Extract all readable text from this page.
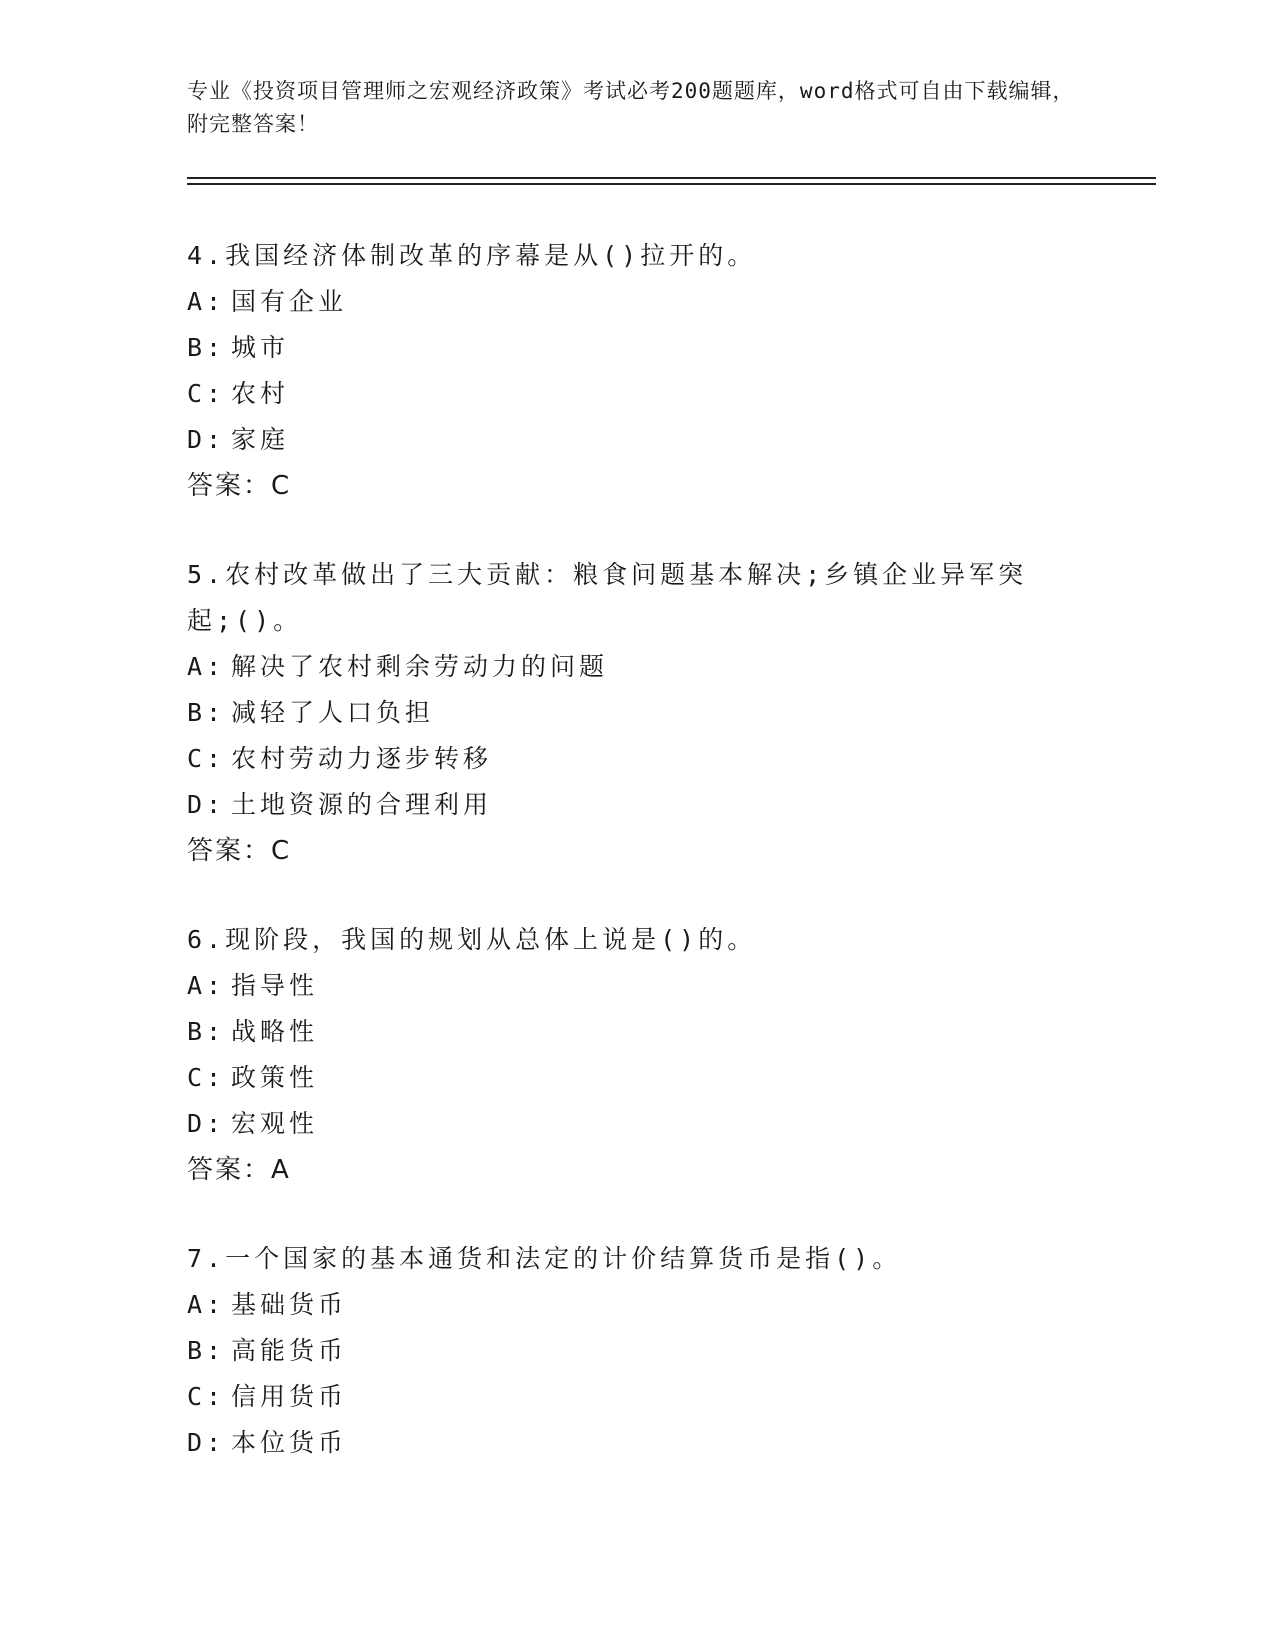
专业《投资项目管理师之宏观经济政策》考试必考200题题库，word格式可自由下载编辑，附完整答案！
4.我国经济体制改革的序幕是从()拉开的。
A: 国有企业
B: 城市
C: 农村
D: 家庭
答案：C
5.农村改革做出了三大贡献：粮食问题基本解决;乡镇企业异军突起;()。
A: 解决了农村剩余劳动力的问题
B: 减轻了人口负担
C: 农村劳动力逐步转移
D: 土地资源的合理利用
答案：C
6.现阶段，我国的规划从总体上说是()的。
A: 指导性
B: 战略性
C: 政策性
D: 宏观性
答案：A
7.一个国家的基本通货和法定的计价结算货币是指()。
A: 基础货币
B: 高能货币
C: 信用货币
D: 本位货币
